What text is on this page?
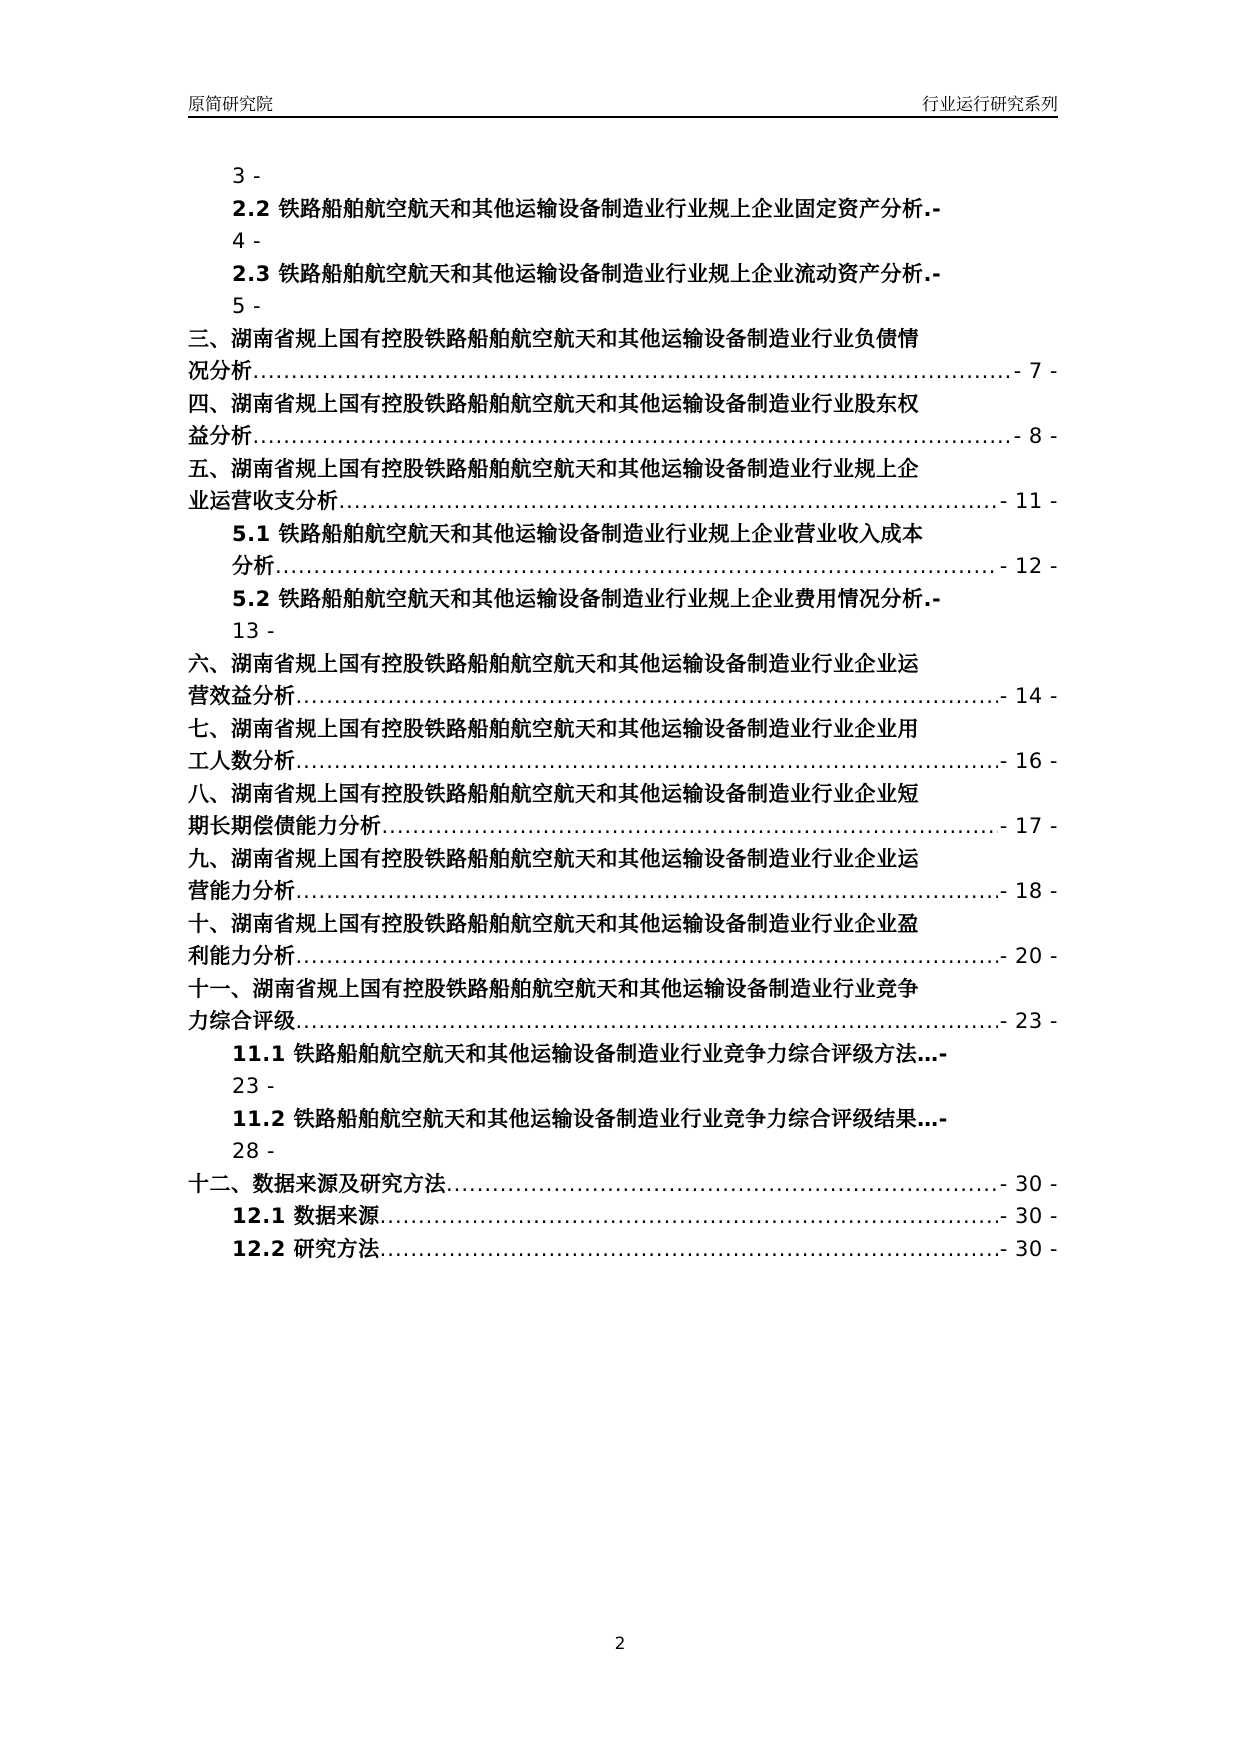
原简研究院	行业运行研究系列
3 -
2.2 铁路船舶航空航天和其他运输设备制造业行业规上企业固定资产分析.-
4 -
2.3 铁路船舶航空航天和其他运输设备制造业行业规上企业流动资产分析.-
5 -
三、湖南省规上国有控股铁路船舶航空航天和其他运输设备制造业行业负债情
况分析 .....	- 7 -
四、湖南省规上国有控股铁路船舶航空航天和其他运输设备制造业行业股东权
益分析 .....	- 8 -
五、湖南省规上国有控股铁路船舶航空航天和其他运输设备制造业行业规上企
业运营收支分析 .....	- 11 -
5.1 铁路船舶航空航天和其他运输设备制造业行业规上企业营业收入成本
分析 .....	- 12 -
5.2 铁路船舶航空航天和其他运输设备制造业行业规上企业费用情况分析.-
13 -
六、湖南省规上国有控股铁路船舶航空航天和其他运输设备制造业行业企业运
营效益分析 .....	- 14 -
七、湖南省规上国有控股铁路船舶航空航天和其他运输设备制造业行业企业用
工人数分析 .....	- 16 -
八、湖南省规上国有控股铁路船舶航空航天和其他运输设备制造业行业企业短
期长期偿债能力分析 .....	- 17 -
九、湖南省规上国有控股铁路船舶航空航天和其他运输设备制造业行业企业运
营能力分析 .....	- 18 -
十、湖南省规上国有控股铁路船舶航空航天和其他运输设备制造业行业企业盈
利能力分析 .....	- 20 -
十一、湖南省规上国有控股铁路船舶航空航天和其他运输设备制造业行业竞争
力综合评级 .....	- 23 -
11.1 铁路船舶航空航天和其他运输设备制造业行业竞争力综合评级方法…-
23 -
11.2 铁路船舶航空航天和其他运输设备制造业行业竞争力综合评级结果…-
28 -
十二、数据来源及研究方法 .....	- 30 -
12.1 数据来源 .....	- 30 -
12.2 研究方法 .....	- 30 -
2
